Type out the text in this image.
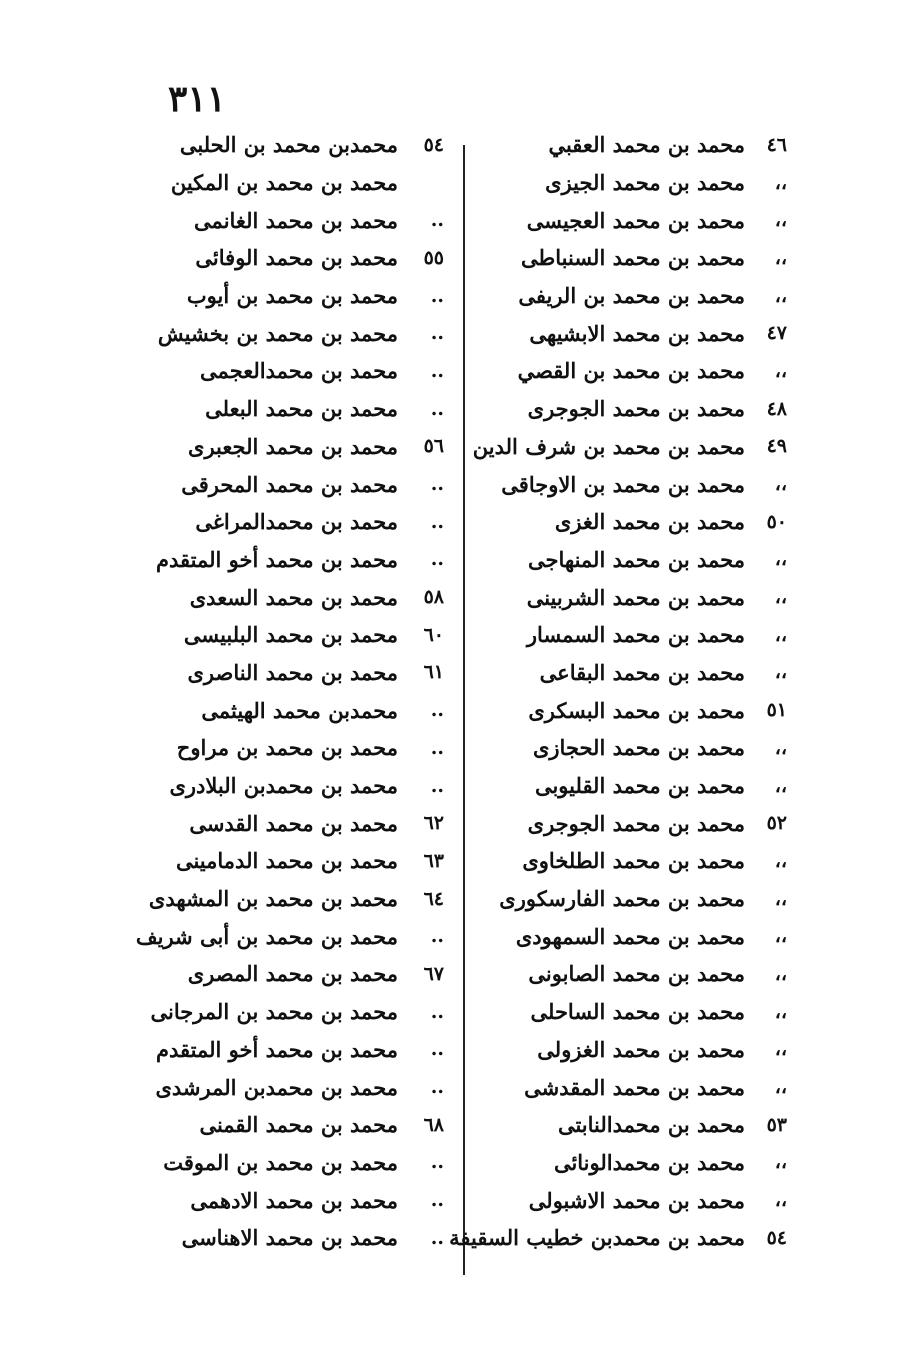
٣١١
٤٦
محمد بن محمد العقبي
،،
محمد بن محمد الجيزى
،،
محمد بن محمد العجيسى
،،
محمد بن محمد السنباطى
،،
محمد بن محمد بن الريفى
٤٧
محمد بن محمد الابشيهى
،،
محمد بن محمد بن القصي
٤٨
محمد بن محمد الجوجرى
٤٩
محمد بن محمد بن شرف الدين
،،
محمد بن محمد بن الاوجاقى
٥٠
محمد بن محمد الغزى
،،
محمد بن محمد المنهاجى
،،
محمد بن محمد الشربينى
،،
محمد بن محمد السمسار
،،
محمد بن محمد البقاعى
٥١
محمد بن محمد البسكرى
،،
محمد بن محمد الحجازى
،،
محمد بن محمد القليوبى
٥٢
محمد بن محمد الجوجرى
،،
محمد بن محمد الطلخاوى
،،
محمد بن محمد الفارسكورى
،،
محمد بن محمد السمهودى
،،
محمد بن محمد الصابونى
،،
محمد بن محمد الساحلى
،،
محمد بن محمد الغزولى
،،
محمد بن محمد المقدشى
٥٣
محمد بن محمدالنابتى
،،
محمد بن محمدالونائى
،،
محمد بن محمد الاشبولى
٥٤
محمد بن محمدبن خطيب السقيفة
٥٤
محمدبن محمد بن الحلبى
محمد بن محمد بن المكين
..
محمد بن محمد الغانمى
٥٥
محمد بن محمد الوفائى
..
محمد بن محمد بن أيوب
..
محمد بن محمد بن بخشيش
..
محمد بن محمدالعجمى
..
محمد بن محمد البعلى
٥٦
محمد بن محمد الجعبرى
..
محمد بن محمد المحرقى
..
محمد بن محمدالمراغى
..
محمد بن محمد أخو المتقدم
٥٨
محمد بن محمد السعدى
٦٠
محمد بن محمد البلبيسى
٦١
محمد بن محمد الناصرى
..
محمدبن محمد الهيثمى
..
محمد بن محمد بن مراوح
..
محمد بن محمدبن البلادرى
٦٢
محمد بن محمد القدسى
٦٣
محمد بن محمد الدمامينى
٦٤
محمد بن محمد بن المشهدى
..
محمد بن محمد بن أبى شريف
٦٧
محمد بن محمد المصرى
..
محمد بن محمد بن المرجانى
..
محمد بن محمد أخو المتقدم
..
محمد بن محمدبن المرشدى
٦٨
محمد بن محمد القمنى
..
محمد بن محمد بن الموقت
..
محمد بن محمد الادهمى
..
محمد بن محمد الاهناسى
